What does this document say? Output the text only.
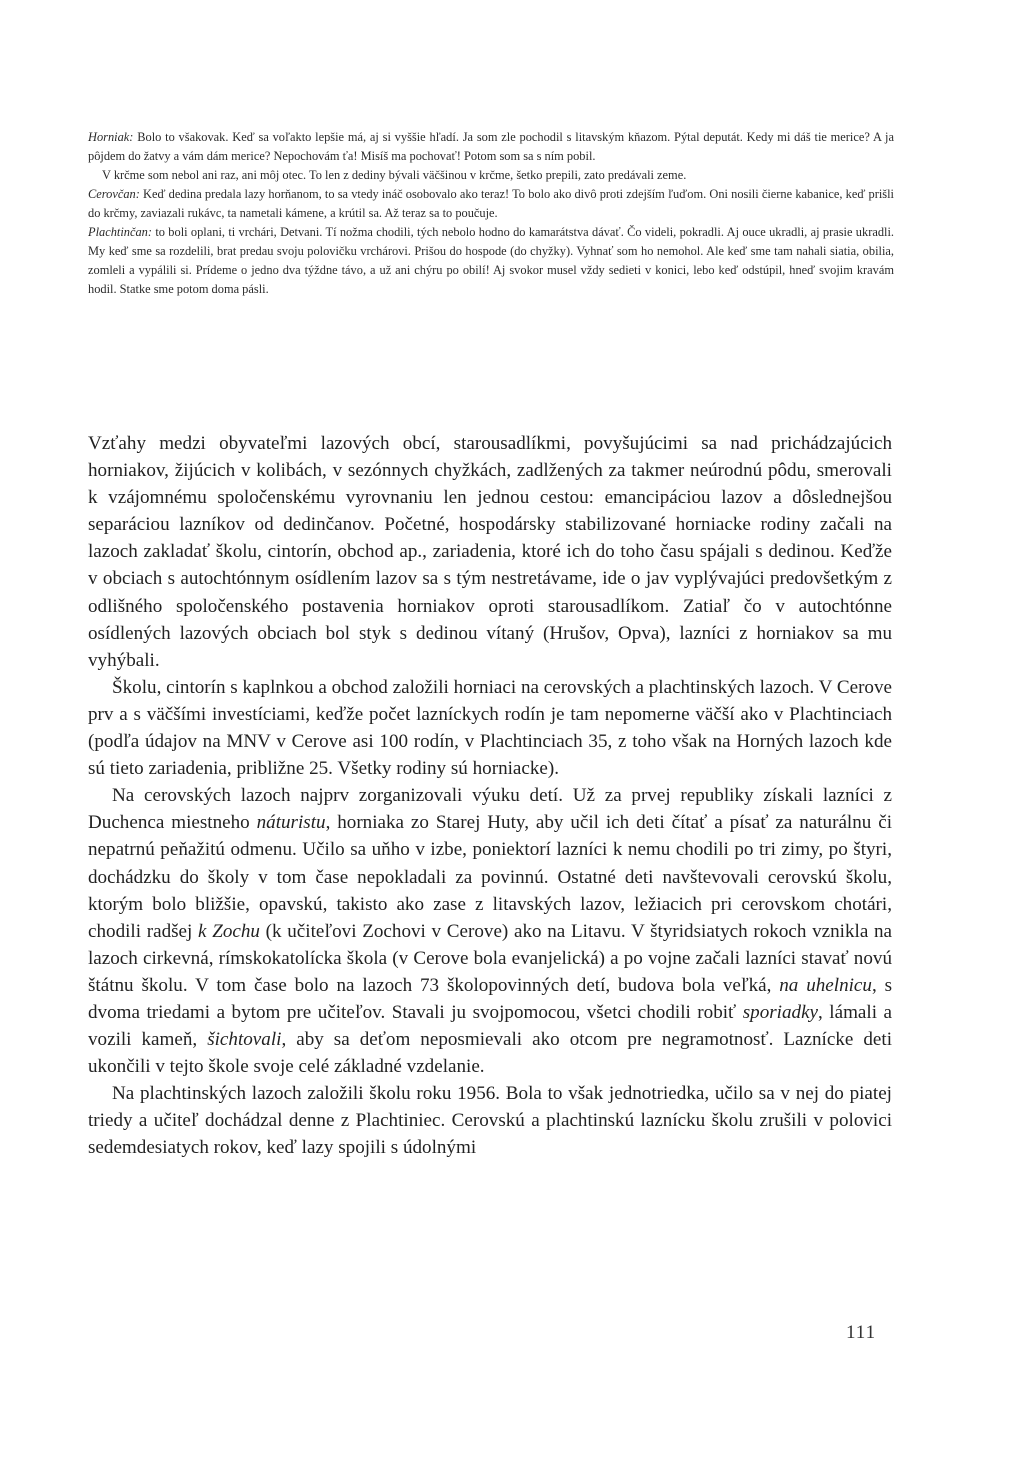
Horniak: Bolo to všakovak. Keď sa voľakto lepšie má, aj si vyššie hľadí. Ja som zle pochodil s litavským kňazom. Pýtal deputát. Kedy mi dáš tie merice? A ja pôjdem do žatvy a vám dám merice? Nepochovám ťa! Misíš ma pochovať! Potom som sa s ním pobil.

V krčme som nebol ani raz, ani môj otec. To len z dediny bývali väčšinou v krčme, šetko prepili, zato predávali zeme.

Cerovčan: Keď dedina predala lazy horňanom, to sa vtedy ináč osobovalo ako teraz! To bolo ako divô proti zdejším ľuďom. Oni nosili čierne kabanice, keď prišli do krčmy, zaviazali rukávc, ta nametali kámene, a krútil sa. Až teraz sa to poučuje.

Plachtinčan: to boli oplani, ti vrchári, Detvani. Tí nožma chodili, tých nebolo hodno do kamarátstva dávať. Čo videli, pokradli. Aj ouce ukradli, aj prasie ukradli. My keď sme sa rozdelili, brat predau svoju polovičku vrchárovi. Prišou do hospode (do chyžky). Vyhnať som ho nemohol. Ale keď sme tam nahali siatia, obilia, zomleli a vypálili si. Prídeme o jedno dva týždne távo, a už ani chýru po obilí! Aj svokor musel vždy sedieti v konici, lebo keď odstúpil, hneď svojim kravám hodil. Statke sme potom doma pásli.

Vzťahy medzi obyvateľmi lazových obcí, starousadlíkmi, povyšujúcimi sa nad prichádzajúcich horniakov, žijúcich v kolibách, v sezónnych chyžkách, zadlžených za takmer neúrodnú pôdu, smerovali k vzájomnému spoločenskému vyrovnaniu len jednou cestou: emancipáciou lazov a dôslednejšou separáciou lazníkov od dedinčanov. Početné, hospodársky stabilizované horniacke rodiny začali na lazoch zakladať školu, cintorín, obchod ap., zariadenia, ktoré ich do toho času spájali s dedinou. Keďže v obciach s autochtónnym osídlením lazov sa s tým nestretávame, ide o jav vyplývajúci predovšetkým z odlišného spoločenského postavenia horniakov oproti starousadlíkom. Zatiaľ čo v autochtónne osídlených lazových obciach bol styk s dedinou vítaný (Hrušov, Opva), lazníci z horniakov sa mu vyhýbali.

Školu, cintorín s kaplnkou a obchod založili horniaci na cerovských a plachtinských lazoch. V Cerove prv a s väčšími investíciami, keďže počet lazníckych rodín je tam nepomerne väčší ako v Plachtinciach (podľa údajov na MNV v Cerove asi 100 rodín, v Plachtinciach 35, z toho však na Horných lazoch kde sú tieto zariadenia, približne 25. Všetky rodiny sú horniacke).

Na cerovských lazoch najprv zorganizovali výuku detí. Už za prvej republiky získali lazníci z Duchenca miestneho náturistu, horniaka zo Starej Huty, aby učil ich deti čítať a písať za naturálnu či nepatrnú peňažitú odmenu. Učilo sa uňho v izbe, poniektorí lazníci k nemu chodili po tri zimy, po štyri, dochádzku do školy v tom čase nepokladali za povinnú. Ostatné deti navštevovali cerovskú školu, ktorým bolo bližšie, opavskú, takisto ako zase z litavských lazov, ležiacich pri cerovskom chotári, chodili radšej k Zochu (k učiteľovi Zochovi v Cerove) ako na Litavu. V štyridsiatych rokoch vznikla na lazoch cirkevná, rímskokatolícka škola (v Cerove bola evanjelická) a po vojne začali lazníci stavať novú štátnu školu. V tom čase bolo na lazoch 73 školopovinných detí, budova bola veľká, na uhelnicu, s dvoma triedami a bytom pre učiteľov. Stavali ju svojpomocou, všetci chodili robiť sporiadky, lámali a vozili kameň, šichtovali, aby sa deťom neposmievali ako otcom pre negramotnosť. Laznícke deti ukončili v tejto škole svoje celé základné vzdelanie.

Na plachtinských lazoch založili školu roku 1956. Bola to však jednotriedka, učilo sa v nej do piatej triedy a učiteľ dochádzal denne z Plachtiniec. Cerovskú a plachtinskú laznícku školu zrušili v polovici sedemdesiatych rokov, keď lazy spojili s údolnými

111
